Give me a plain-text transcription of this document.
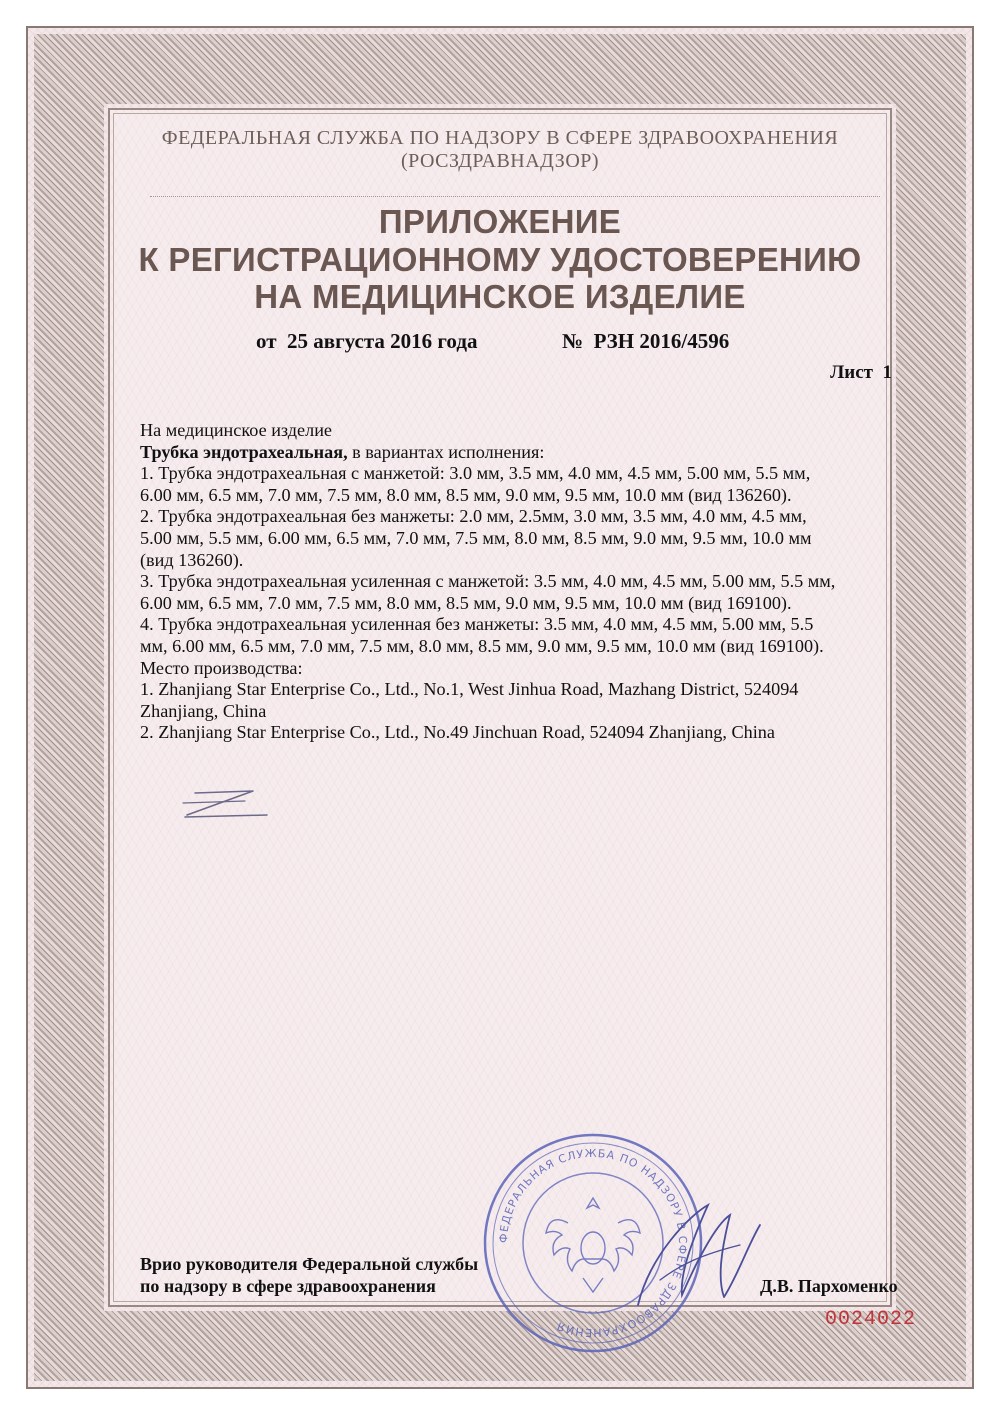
ФЕДЕРАЛЬНАЯ СЛУЖБА ПО НАДЗОРУ В СФЕРЕ ЗДРАВООХРАНЕНИЯ
(РОСЗДРАВНАДЗОР)
ПРИЛОЖЕНИЕ
К РЕГИСТРАЦИОННОМУ УДОСТОВЕРЕНИЮ
НА МЕДИЦИНСКОЕ ИЗДЕЛИЕ
от  25 августа 2016 года	№  РЗН 2016/4596
Лист  1
На медицинское изделие
Трубка эндотрахеальная, в вариантах исполнения:
1. Трубка эндотрахеальная с манжетой: 3.0 мм, 3.5 мм, 4.0 мм, 4.5 мм, 5.00 мм, 5.5 мм,
6.00 мм, 6.5 мм, 7.0 мм, 7.5 мм, 8.0 мм, 8.5 мм, 9.0 мм, 9.5 мм, 10.0 мм (вид 136260).
2. Трубка эндотрахеальная без манжеты: 2.0 мм, 2.5мм, 3.0 мм, 3.5 мм, 4.0 мм, 4.5 мм,
5.00 мм, 5.5 мм, 6.00 мм, 6.5 мм, 7.0 мм, 7.5 мм, 8.0 мм, 8.5 мм, 9.0 мм, 9.5 мм, 10.0 мм
(вид 136260).
3. Трубка эндотрахеальная усиленная с манжетой: 3.5 мм, 4.0 мм, 4.5 мм, 5.00 мм, 5.5 мм,
6.00 мм, 6.5 мм, 7.0 мм, 7.5 мм, 8.0 мм, 8.5 мм, 9.0 мм, 9.5 мм, 10.0 мм (вид 169100).
4. Трубка эндотрахеальная усиленная без манжеты: 3.5 мм, 4.0 мм, 4.5 мм, 5.00 мм, 5.5
мм, 6.00 мм, 6.5 мм, 7.0 мм, 7.5 мм, 8.0 мм, 8.5 мм, 9.0 мм, 9.5 мм, 10.0 мм (вид 169100).
Место производства:
1. Zhanjiang Star Enterprise Co., Ltd., No.1, West Jinhua Road, Mazhang District, 524094
Zhanjiang, China
2. Zhanjiang Star Enterprise Co., Ltd., No.49 Jinchuan Road, 524094 Zhanjiang, China
ФЕДЕРАЛЬНАЯ СЛУЖБА ПО НАДЗОРУ В СФЕРЕ ЗДРАВООХРАНЕНИЯ
Врио руководителя Федеральной службы
по надзору в сфере здравоохранения	Д.В. Пархоменко
0024022
